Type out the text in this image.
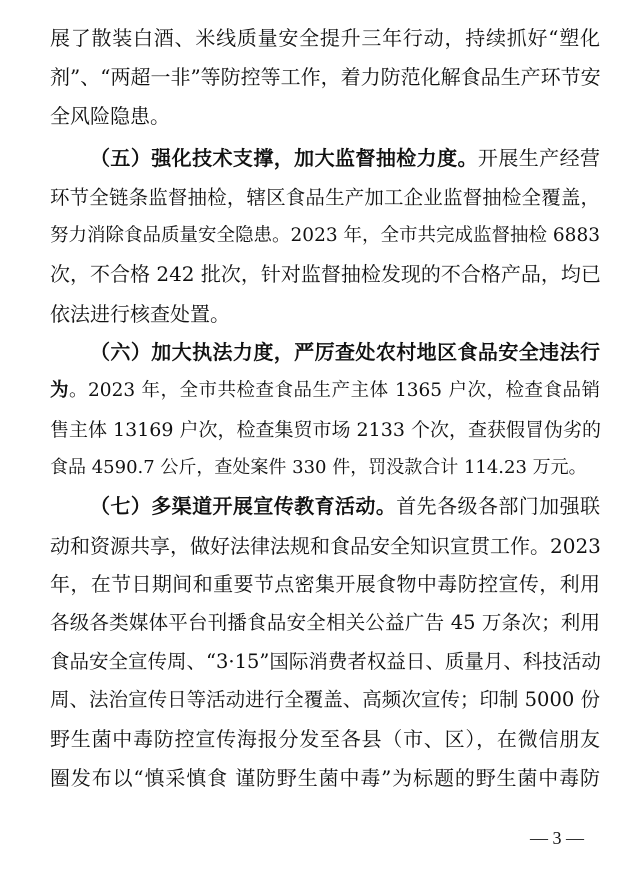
展了散装白酒、米线质量安全提升三年行动，持续抓好“塑化
剂”、“两超一非”等防控等工作，着力防范化解食品生产环节安
全风险隐患。
（五）强化技术支撑，加大监督抽检力度。开展生产经营
环节全链条监督抽检，辖区食品生产加工企业监督抽检全覆盖，
努力消除食品质量安全隐患。2023 年，全市共完成监督抽检 6883
次，不合格 242 批次，针对监督抽检发现的不合格产品，均已
依法进行核查处置。
（六）加大执法力度，严厉查处农村地区食品安全违法行
为。2023 年，全市共检查食品生产主体 1365 户次，检查食品销
售主体 13169 户次，检查集贸市场 2133 个次，查获假冒伪劣的
食品 4590.7 公斤，查处案件 330 件，罚没款合计 114.23 万元。
（七）多渠道开展宣传教育活动。首先各级各部门加强联
动和资源共享，做好法律法规和食品安全知识宣贯工作。2023
年，在节日期间和重要节点密集开展食物中毒防控宣传，利用
各级各类媒体平台刊播食品安全相关公益广告 45 万条次；利用
食品安全宣传周、“3·15”国际消费者权益日、质量月、科技活动
周、法治宣传日等活动进行全覆盖、高频次宣传；印制 5000 份
野生菌中毒防控宣传海报分发至各县（市、区），在微信朋友
圈发布以“慎采慎食 谨防野生菌中毒”为标题的野生菌中毒防
— 3 —
